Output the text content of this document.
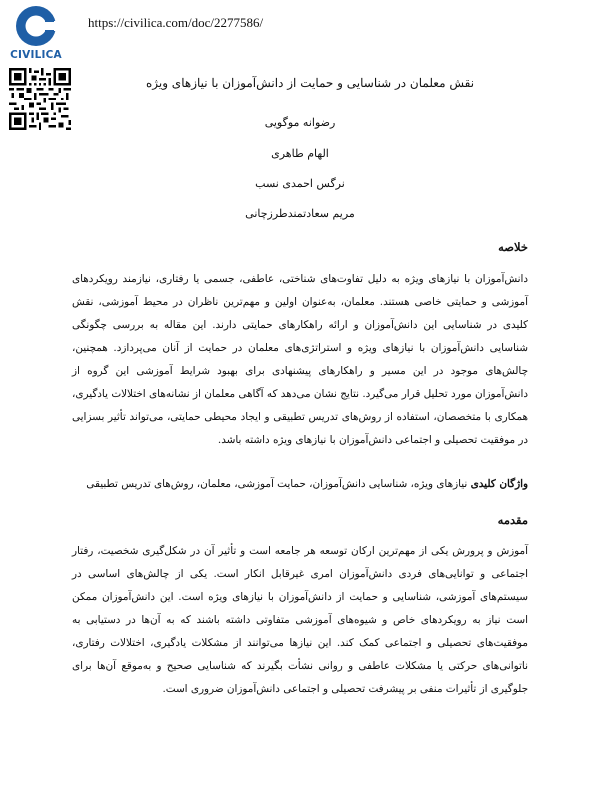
CIVILICA
https://civilica.com/doc/2277586/
نقش معلمان در شناسایی و حمایت از دانش‌آموزان با نیازهای ویژه
رضوانه موگویی
الهام طاهری
نرگس احمدی نسب
مریم سعادتمندطرزچانی
خلاصه
دانش‌آموزان با نیازهای ویژه به دلیل تفاوت‌های شناختی، عاطفی، جسمی یا رفتاری، نیازمند رویکردهای آموزشی و حمایتی خاصی هستند. معلمان، به‌عنوان اولین و مهم‌ترین ناظران در محیط آموزشی، نقش کلیدی در شناسایی این دانش‌آموزان و ارائه راهکارهای حمایتی دارند. این مقاله به بررسی چگونگی شناسایی دانش‌آموزان با نیازهای ویژه و استراتژی‌های معلمان در حمایت از آنان می‌پردازد. همچنین، چالش‌های موجود در این مسیر و راهکارهای پیشنهادی برای بهبود شرایط آموزشی این گروه از دانش‌آموزان مورد تحلیل قرار می‌گیرد. نتایج نشان می‌دهد که آگاهی معلمان از نشانه‌های اختلالات یادگیری، همکاری با متخصصان، استفاده از روش‌های تدریس تطبیقی و ایجاد محیطی حمایتی، می‌تواند تأثیر بسزایی در موفقیت تحصیلی و اجتماعی دانش‌آموزان با نیازهای ویژه داشته باشد.
واژگان کلیدی نیازهای ویژه، شناسایی دانش‌آموزان، حمایت آموزشی، معلمان، روش‌های تدریس تطبیقی
مقدمه
آموزش و پرورش یکی از مهم‌ترین ارکان توسعه هر جامعه است و تأثیر آن در شکل‌گیری شخصیت، رفتار اجتماعی و توانایی‌های فردی دانش‌آموزان امری غیرقابل انکار است. یکی از چالش‌های اساسی در سیستم‌های آموزشی، شناسایی و حمایت از دانش‌آموزان با نیازهای ویژه است. این دانش‌آموزان ممکن است نیاز به رویکردهای خاص و شیوه‌های آموزشی متفاوتی داشته باشند که به آن‌ها در دستیابی به موفقیت‌های تحصیلی و اجتماعی کمک کند. این نیازها می‌توانند از مشکلات یادگیری، اختلالات رفتاری، ناتوانی‌های حرکتی یا مشکلات عاطفی و روانی نشأت بگیرند که شناسایی صحیح و به‌موقع آن‌ها برای جلوگیری از تأثیرات منفی بر پیشرفت تحصیلی و اجتماعی دانش‌آموزان ضروری است.
